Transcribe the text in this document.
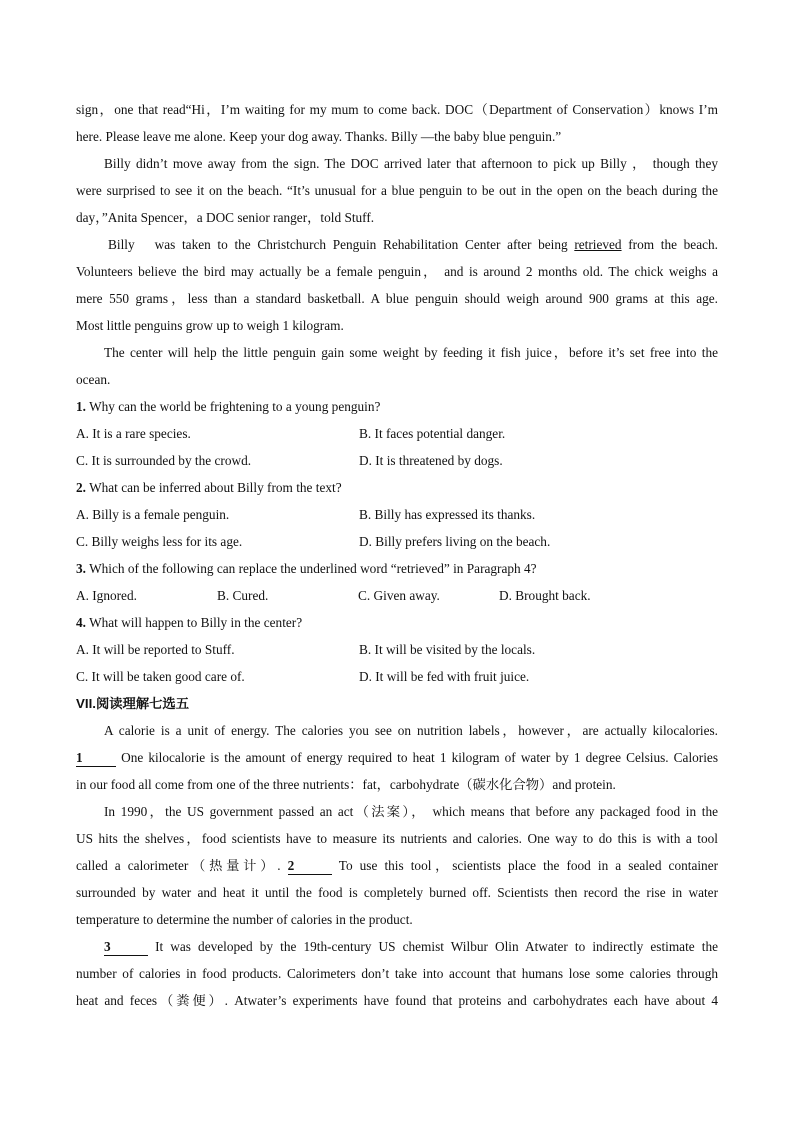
sign，one that read“Hi，I’m waiting for my mum to come back. DOC（Department of Conservation）knows I’m
here. Please leave me alone. Keep your dog away. Thanks. Billy —the baby blue penguin.”
Billy didn’t move away from the sign. The DOC arrived later that afternoon to pick up Billy ， though they
were surprised to see it on the beach. “It’s unusual for a blue penguin to be out in the open on the beach during the
day，”Anita Spencer，a DOC senior ranger，told Stuff.
Billy was taken to the Christchurch Penguin Rehabilitation Center after being retrieved from the beach.
Volunteers believe the bird may actually be a female penguin， and is around 2 months old. The chick weighs a
mere 550 grams，less than a standard basketball. A blue penguin should weigh around 900 grams at this age.
Most little penguins grow up to weigh 1 kilogram.
The center will help the little penguin gain some weight by feeding it fish juice，before it’s set free into the
ocean.
1. Why can the world be frightening to a young penguin?
A. It is a rare species.	B. It faces potential danger.
C. It is surrounded by the crowd.	D. It is threatened by dogs.
2. What can be inferred about Billy from the text?
A. Billy is a female penguin.	B. Billy has expressed its thanks.
C. Billy weighs less for its age.	D. Billy prefers living on the beach.
3. Which of the following can replace the underlined word “retrieved” in Paragraph 4?
A. Ignored.	B. Cured.	C. Given away.	D. Brought back.
4. What will happen to Billy in the center?
A. It will be reported to Stuff.	B. It will be visited by the locals.
C. It will be taken good care of.	D. It will be fed with fruit juice.
VII.阅读理解七选五
A calorie is a unit of energy. The calories you see on nutrition labels，however，are actually kilocalories.
1	One kilocalorie is the amount of energy required to heat 1 kilogram of water by 1 degree Celsius. Calories
in our food all come from one of the three nutrients：fat，carbohydrate（碳水化合物）and protein.
In 1990，the US government passed an act（法案）， which means that before any packaged food in the
US hits the shelves，food scientists have to measure its nutrients and calories. One way to do this is with a tool
called a calorimeter（热量计）. 2	To use this tool，scientists place the food in a sealed container
surrounded by water and heat it until the food is completely burned off. Scientists then record the rise in water
temperature to determine the number of calories in the product.
3	It was developed by the 19th-century US chemist Wilbur Olin Atwater to indirectly estimate the
number of calories in food products. Calorimeters don’t take into account that humans lose some calories through
heat and feces（粪便）. Atwater’s experiments have found that proteins and carbohydrates each have about 4
